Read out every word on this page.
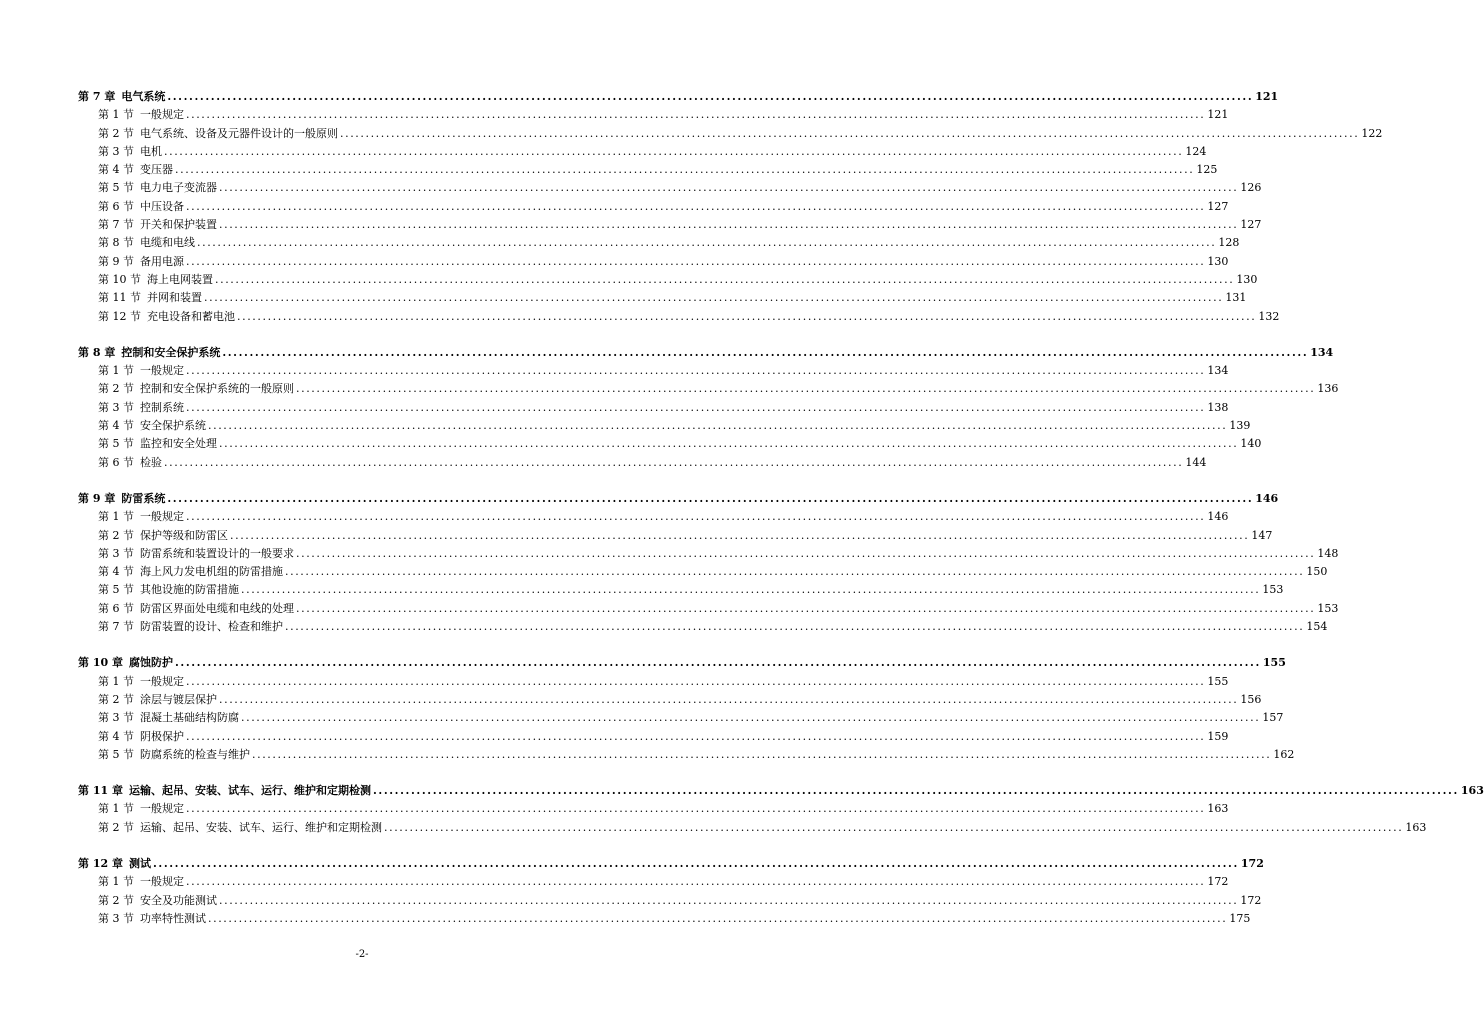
第 7 章 电气系统 ........................................................................................................................................................................................................ 121
第 1 节 一般规定 ........................................................................................................................................................................................................ 121
第 2 节 电气系统、设备及元器件设计的一般原则 ........................................................................................................................................................................................................ 122
第 3 节 电机 ........................................................................................................................................................................................................ 124
第 4 节 变压器 ........................................................................................................................................................................................................ 125
第 5 节 电力电子变流器 ........................................................................................................................................................................................................ 126
第 6 节 中压设备 ........................................................................................................................................................................................................ 127
第 7 节 开关和保护装置 ........................................................................................................................................................................................................ 127
第 8 节 电缆和电线 ........................................................................................................................................................................................................ 128
第 9 节 备用电源 ........................................................................................................................................................................................................ 130
第 10 节 海上电网装置 ........................................................................................................................................................................................................ 130
第 11 节 并网和装置 ........................................................................................................................................................................................................ 131
第 12 节 充电设备和蓄电池 ........................................................................................................................................................................................................ 132
第 8 章 控制和安全保护系统 ........................................................................................................................................................................................................ 134
第 1 节 一般规定 ........................................................................................................................................................................................................ 134
第 2 节 控制和安全保护系统的一般原则 ........................................................................................................................................................................................................ 136
第 3 节 控制系统 ........................................................................................................................................................................................................ 138
第 4 节 安全保护系统 ........................................................................................................................................................................................................ 139
第 5 节 监控和安全处理 ........................................................................................................................................................................................................ 140
第 6 节 检验 ........................................................................................................................................................................................................ 144
第 9 章 防雷系统 ........................................................................................................................................................................................................ 146
第 1 节 一般规定 ........................................................................................................................................................................................................ 146
第 2 节 保护等级和防雷区 ........................................................................................................................................................................................................ 147
第 3 节 防雷系统和装置设计的一般要求 ........................................................................................................................................................................................................ 148
第 4 节 海上风力发电机组的防雷措施 ........................................................................................................................................................................................................ 150
第 5 节 其他设施的防雷措施 ........................................................................................................................................................................................................ 153
第 6 节 防雷区界面处电缆和电线的处理 ........................................................................................................................................................................................................ 153
第 7 节 防雷装置的设计、检查和维护 ........................................................................................................................................................................................................ 154
第 10 章 腐蚀防护 ........................................................................................................................................................................................................ 155
第 1 节 一般规定 ........................................................................................................................................................................................................ 155
第 2 节 涂层与镀层保护 ........................................................................................................................................................................................................ 156
第 3 节 混凝土基础结构防腐 ........................................................................................................................................................................................................ 157
第 4 节 阴极保护 ........................................................................................................................................................................................................ 159
第 5 节 防腐系统的检查与维护 ........................................................................................................................................................................................................ 162
第 11 章 运输、起吊、安装、试车、运行、维护和定期检测 ........................................................................................................................................................................................................ 163
第 1 节 一般规定 ........................................................................................................................................................................................................ 163
第 2 节 运输、起吊、安装、试车、运行、维护和定期检测 ........................................................................................................................................................................................................ 163
第 12 章 测试 ........................................................................................................................................................................................................ 172
第 1 节 一般规定 ........................................................................................................................................................................................................ 172
第 2 节 安全及功能测试 ........................................................................................................................................................................................................ 172
第 3 节 功率特性测试 ........................................................................................................................................................................................................ 175
-2-
